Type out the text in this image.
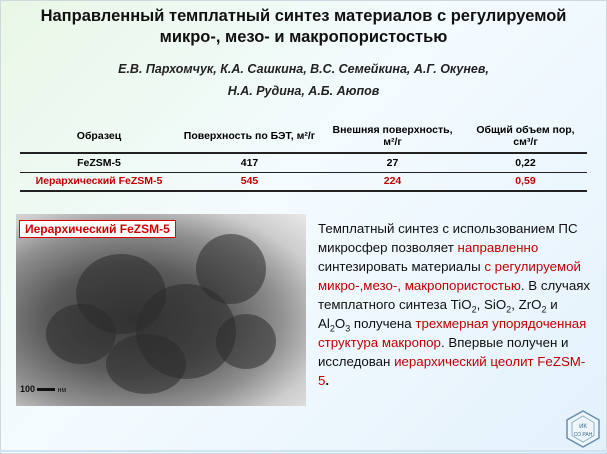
Направленный темплатный синтез материалов с регулируемой
микро-, мезо- и макропористостью
Е.В. Пархомчук, К.А. Сашкина, В.С. Семейкина, А.Г. Окунев,
Н.А. Рудина, А.Б. Аюпов
Образец	Поверхность по БЭТ, м²/г	Внешняя поверхность, м²/г	Общий объем пор, см³/г
FeZSM-5	417	27	0,22
Иерархический FeZSM-5	545	224	0,59
Иерархический FeZSM-5
100	нм
Темплатный синтез с использованием ПС микросфер позволяет направленно синтезировать материалы с регулируемой микро-,мезо-, макропористостью. В случаях темплатного синтеза TiO$_2$, SiO$_2$, ZrO$_2$ и $Al_2O_3$ получена трехмерная упорядоченная структура макропор. Впервые получен и исследован иерархический цеолит FeZSM-5.
ИК
СО РАН
